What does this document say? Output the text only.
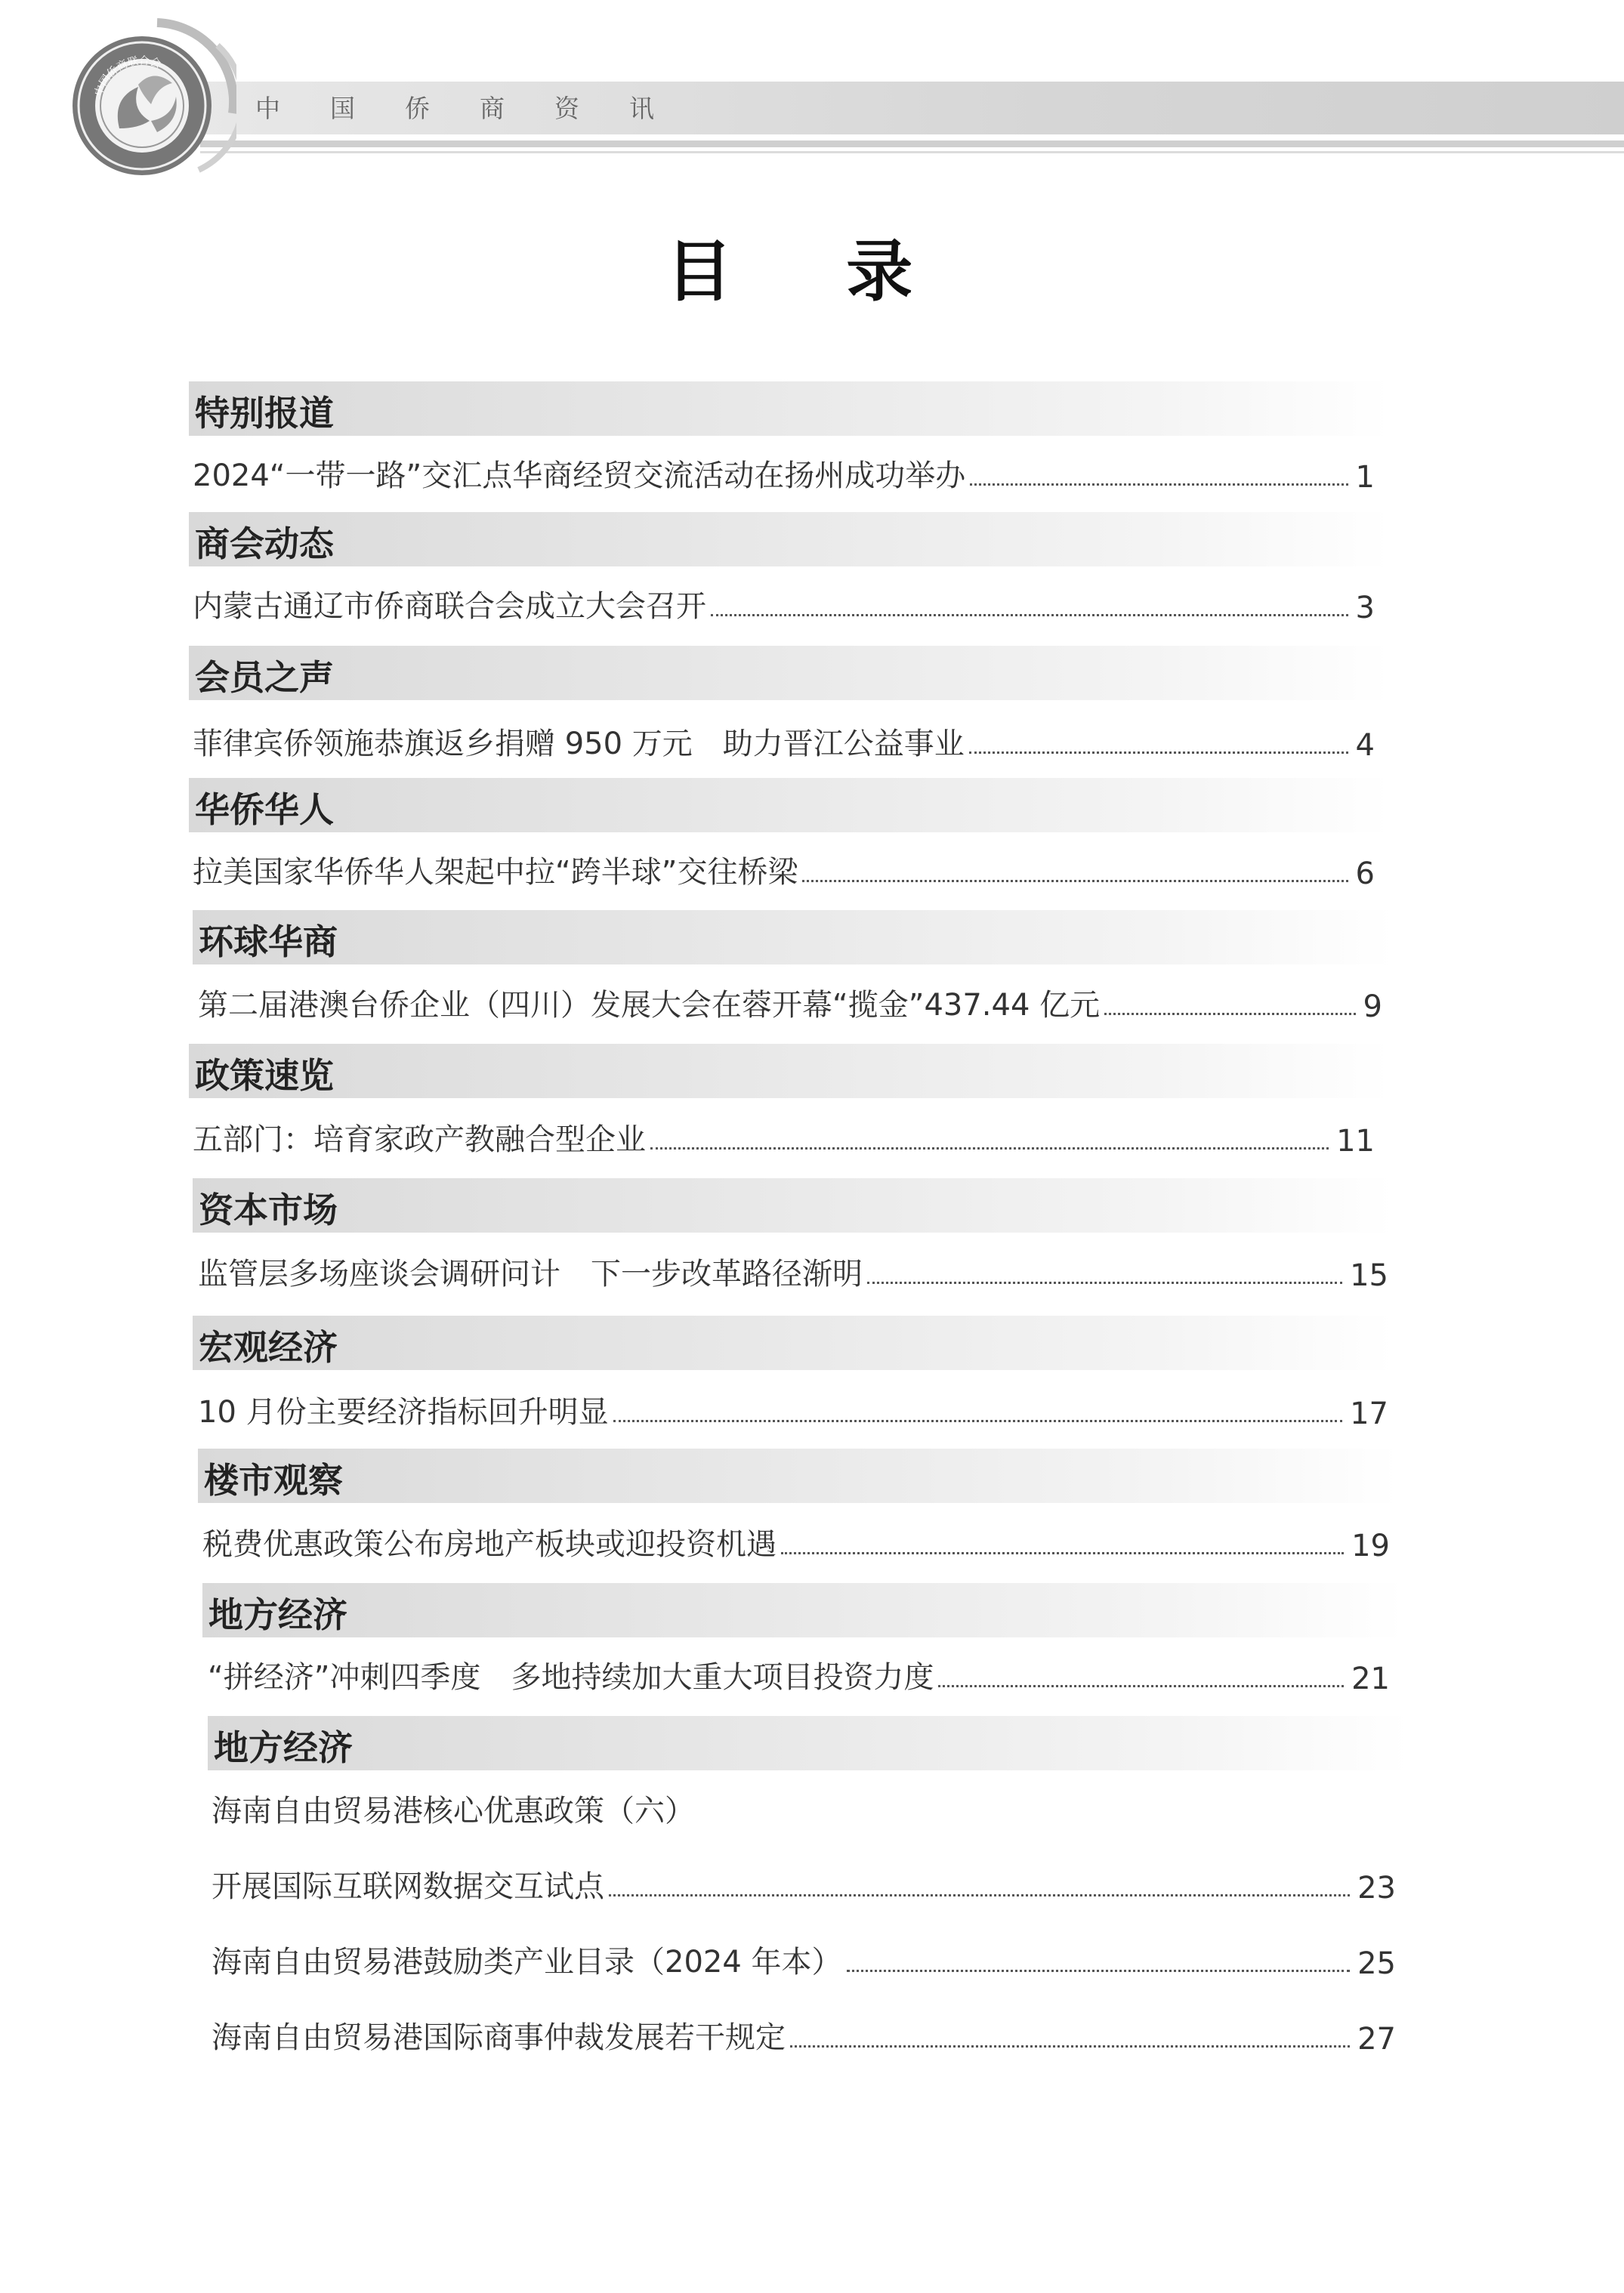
中 国 侨 商 资 讯
中国侨商联合会
目 录
特别报道
2024“一带一路”交汇点华商经贸交流活动在扬州成功举办	1
商会动态
内蒙古通辽市侨商联合会成立大会召开	3
会员之声
菲律宾侨领施恭旗返乡捐赠 950 万元　助力晋江公益事业	4
华侨华人
拉美国家华侨华人架起中拉“跨半球”交往桥梁	6
环球华商
第二届港澳台侨企业（四川）发展大会在蓉开幕“揽金”437.44 亿元	9
政策速览
五部门：培育家政产教融合型企业	11
资本市场
监管层多场座谈会调研问计　下一步改革路径渐明	15
宏观经济
10 月份主要经济指标回升明显	17
楼市观察
税费优惠政策公布房地产板块或迎投资机遇	19
地方经济
“拼经济”冲刺四季度　多地持续加大重大项目投资力度	21
地方经济
海南自由贸易港核心优惠政策（六）
开展国际互联网数据交互试点	23
海南自由贸易港鼓励类产业目录（2024 年本）	25
海南自由贸易港国际商事仲裁发展若干规定	27
